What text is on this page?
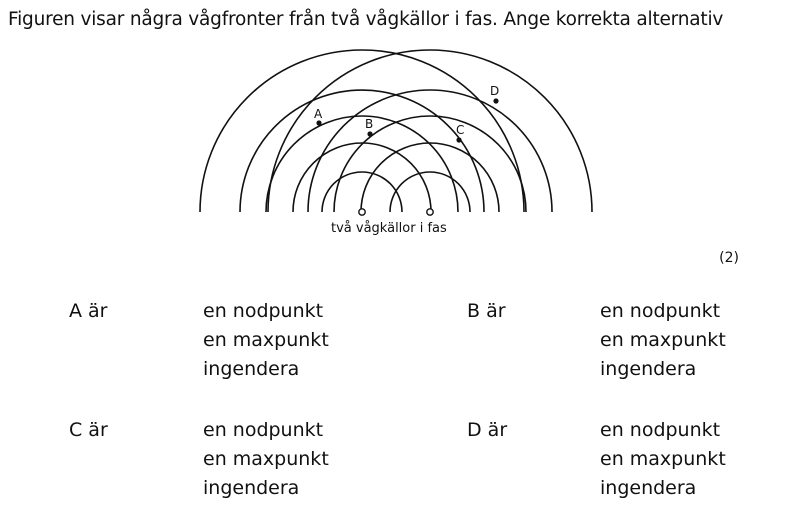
Figuren visar några vågfronter från två vågkällor i fas. Ange korrekta alternativ
A
B	C
D
två vågkällor i fas
(2)
A är	en nodpunkt
en maxpunkt
ingendera
B är	en nodpunkt
en maxpunkt
ingendera
C är	en nodpunkt
en maxpunkt
ingendera
D är	en nodpunkt
en maxpunkt
ingendera
